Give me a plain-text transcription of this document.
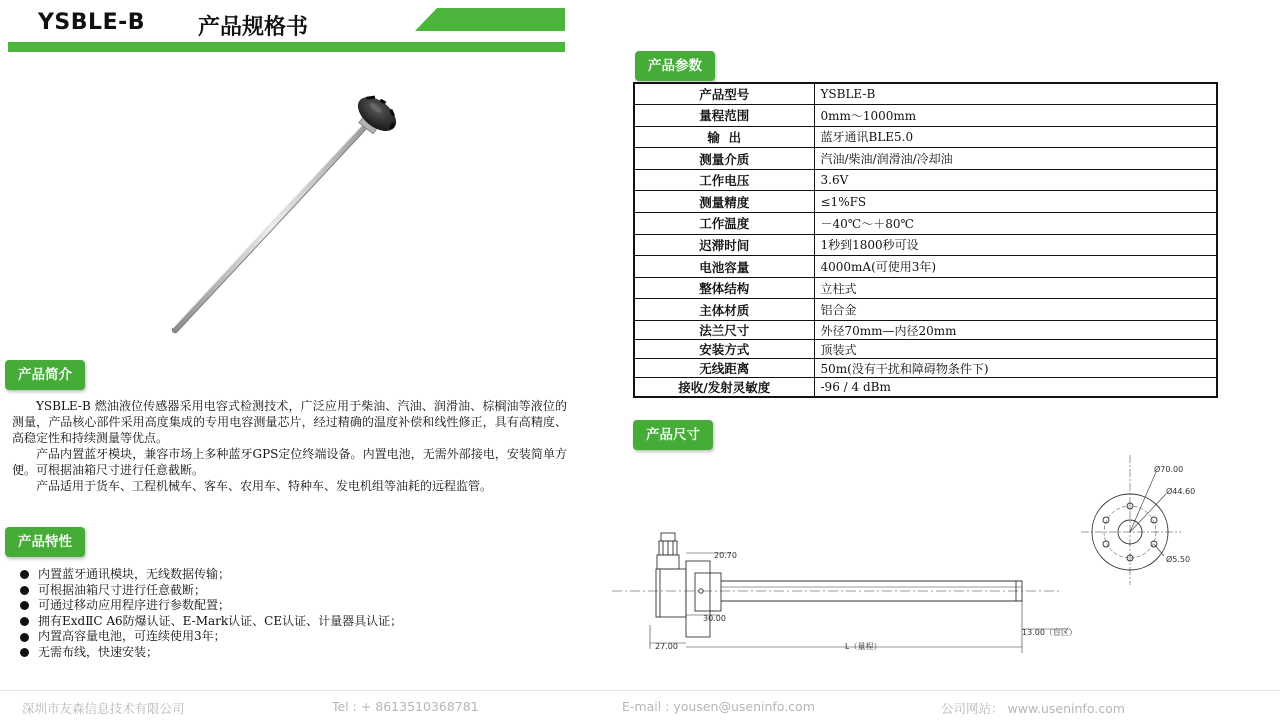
YSBLE-B 产品规格书
产品简介

YSBLE-B 燃油液位传感器采用电容式检测技术，广泛应用于柴油、汽油、润滑油、棕榈油等液位的测量，产品核心部件采用高度集成的专用电容测量芯片，经过精确的温度补偿和线性修正，具有高精度、高稳定性和持续测量等优点。

产品内置蓝牙模块，兼容市场上多种蓝牙GPS定位终端设备。内置电池，无需外部接电，安装简单方便。可根据油箱尺寸进行任意截断。

产品适用于货车、工程机械车、客车、农用车、特种车、发电机组等油耗的远程监管。

产品特性
内置蓝牙通讯模块，无线数据传输；
可根据油箱尺寸进行任意截断；
可通过移动应用程序进行参数配置；
拥有ExdⅡC A6防爆认证、E-Mark认证、CE认证、计量器具认证；
内置高容量电池，可连续使用3年；
无需布线，快速安装；
产品参数
产品型号	YSBLE-B
量程范围	0mm～1000mm
输  出	蓝牙通讯BLE5.0
测量介质	汽油/柴油/润滑油/冷却油
工作电压	3.6V
测量精度	≤1%FS
工作温度	－40℃～＋80℃
迟滞时间	1秒到1800秒可设
电池容量	4000mA(可使用3年)
整体结构	立柱式
主体材质	铝合金
法兰尺寸	外径70mm—内径20mm
安装方式	顶装式
无线距离	50m(没有干扰和障碍物条件下)
接收/发射灵敏度	-96 / 4 dBm
产品尺寸
20.70
30.00
27.00	L（量程）
13.00（盲区）
Ø70.00
Ø44.60
Ø5.50
深圳市友森信息技术有限公司	Tel : + 8613510368781	E-mail : yousen@useninfo.com	公司网站： www.useninfo.com
